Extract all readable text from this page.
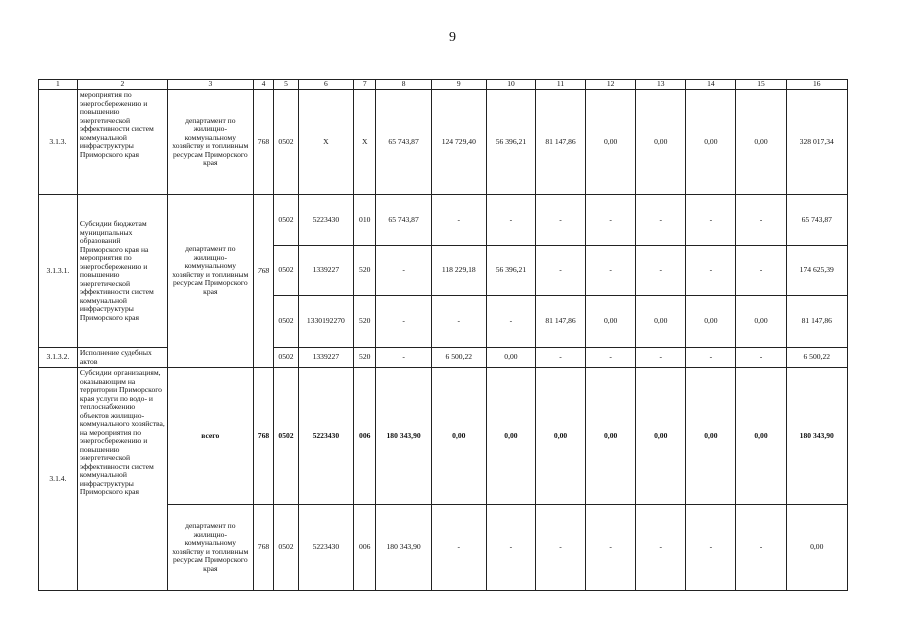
9
1	2	3	4	5	6	7	8	9	10	11	12	13	14	15	16
3.1.3.	мероприятия по энергосбережению и повышению энергетической эффективности систем коммунальной инфраструктуры Приморского края	департамент по жилищно-коммунальному хозяйству и топливным ресурсам Приморского края	768	0502	Х	Х	65 743,87	124 729,40	56 396,21	81 147,86	0,00	0,00	0,00	0,00	328 017,34
3.1.3.1.	Субсидии бюджетам муниципальных образований Приморского края на мероприятия по энергосбережению и повышению энергетической эффективности систем коммунальной инфраструктуры Приморского края	департамент по жилищно-коммунальному хозяйству и топливным ресурсам Приморского края	768	0502	5223430	010	65 743,87	-	-	-	-	-	-	-	65 743,87
				0502	1339227	520	-	118 229,18	56 396,21	-	-	-	-	-	174 625,39
				0502	1330192270	520	-	-	-	81 147,86	0,00	0,00	0,00	0,00	81 147,86
3.1.3.2.	Исполнение судебных актов			0502	1339227	520	-	6 500,22	0,00	-	-	-	-	-	6 500,22
3.1.4.	Субсидии организациям, оказывающим на территории Приморского края услуги по водо- и теплоснабжению объектов жилищно-коммунального хозяйства, на мероприятия по энергосбережению и повышению энергетической эффективности систем коммунальной инфраструктуры Приморского края	всего	768	0502	5223430	006	180 343,90	0,00	0,00	0,00	0,00	0,00	0,00	0,00	180 343,90
		департамент по жилищно-коммунальному хозяйству и топливным ресурсам Приморского края	768	0502	5223430	006	180 343,90	-	-	-	-	-	-	-	0,00
